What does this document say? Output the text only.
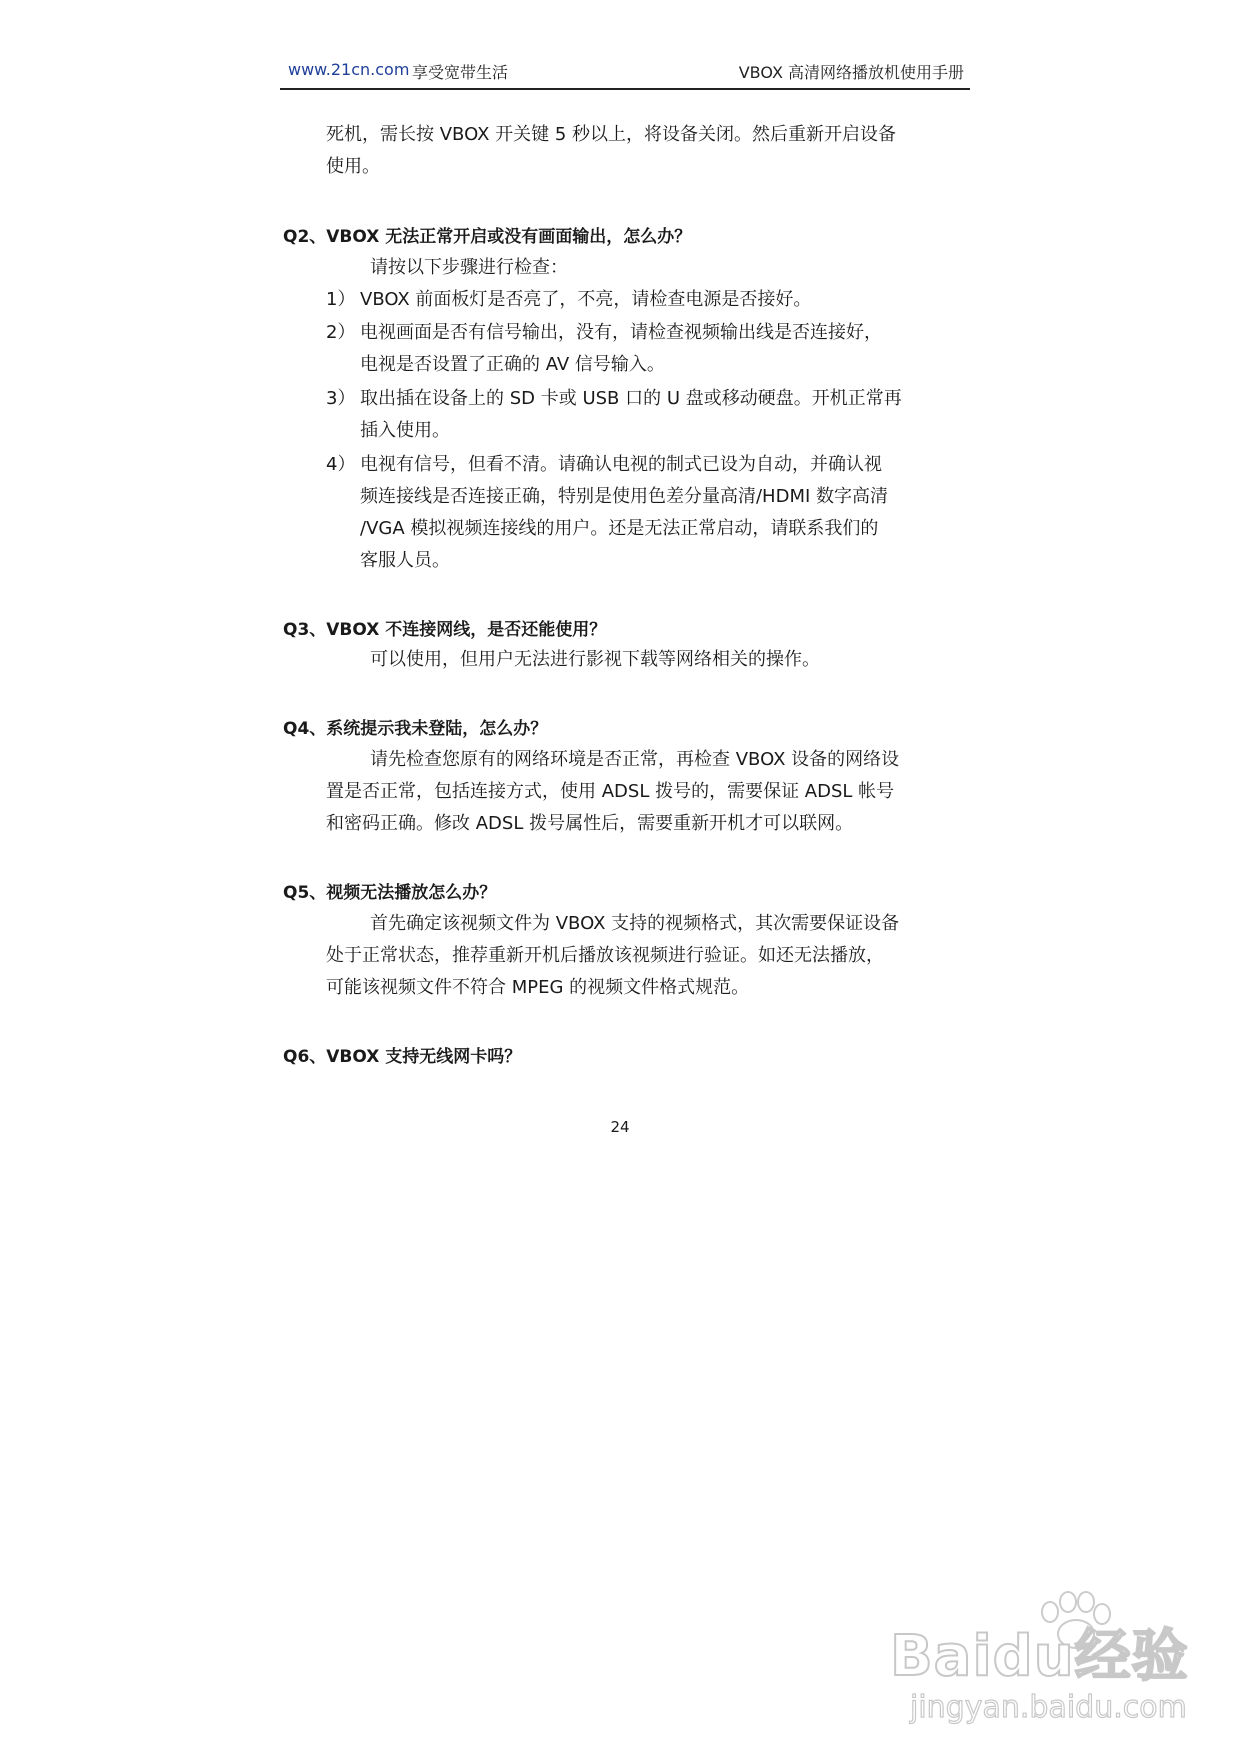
www.21cn.com 享受宽带生活	VBOX 高清网络播放机使用手册
死机，需长按 VBOX 开关键 5 秒以上，将设备关闭。然后重新开启设备
使用。
Q2、VBOX 无法正常开启或没有画面输出，怎么办？
请按以下步骤进行检查：
1） VBOX 前面板灯是否亮了，不亮，请检查电源是否接好。
2） 电视画面是否有信号输出，没有，请检查视频输出线是否连接好，
电视是否设置了正确的 AV 信号输入。
3） 取出插在设备上的 SD 卡或 USB 口的 U 盘或移动硬盘。开机正常再
插入使用。
4） 电视有信号，但看不清。请确认电视的制式已设为自动，并确认视
频连接线是否连接正确，特别是使用色差分量高清/HDMI 数字高清
/VGA 模拟视频连接线的用户。还是无法正常启动，请联系我们的
客服人员。
Q3、VBOX 不连接网线，是否还能使用？
可以使用，但用户无法进行影视下载等网络相关的操作。
Q4、系统提示我未登陆，怎么办？
请先检查您原有的网络环境是否正常，再检查 VBOX 设备的网络设
置是否正常，包括连接方式，使用 ADSL 拨号的，需要保证 ADSL 帐号
和密码正确。修改 ADSL 拨号属性后，需要重新开机才可以联网。
Q5、视频无法播放怎么办？
首先确定该视频文件为 VBOX 支持的视频格式，其次需要保证设备
处于正常状态，推荐重新开机后播放该视频进行验证。如还无法播放，
可能该视频文件不符合 MPEG 的视频文件格式规范。
Q6、VBOX 支持无线网卡吗？
24
Baidu经验
jingyan.baidu.com
